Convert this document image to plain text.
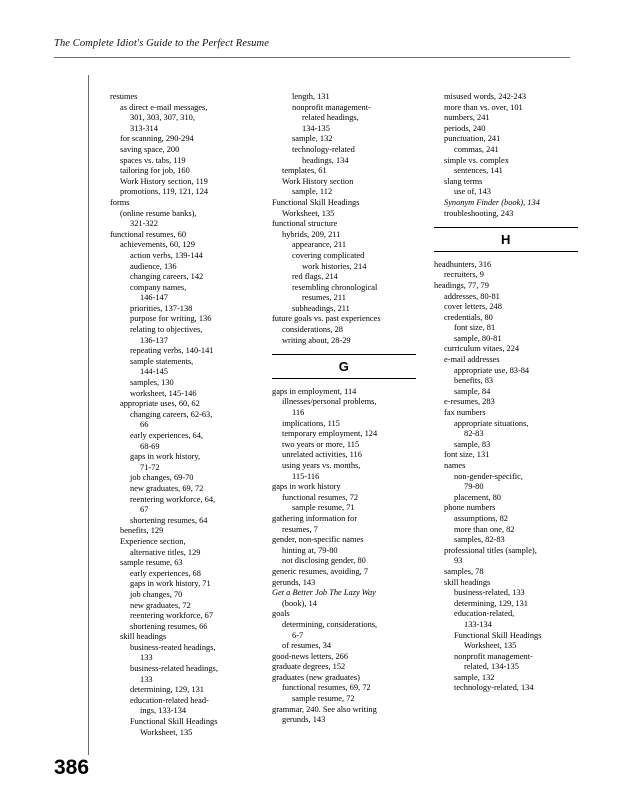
The Complete Idiot's Guide to the Perfect Resume
resumes
as direct e-mail messages,
301, 303, 307, 310,
313-314
for scanning, 290-294
saving space, 200
spaces vs. tabs, 119
tailoring for job, 160
Work History section, 119
promotions, 119, 121, 124
forms
(online resume banks),
321-322
functional resumes, 60
achievements, 60, 129
action verbs, 139-144
audience, 136
changing careers, 142
company names,
146-147
priorities, 137-138
purpose for writing, 136
relating to objectives,
136-137
repeating verbs, 140-141
sample statements,
144-145
samples, 130
worksheet, 145-146
appropriate uses, 60, 62
changing careers, 62-63,
66
early experiences, 64,
68-69
gaps in work history,
71-72
job changes, 69-70
new graduates, 69, 72
reentering workforce, 64,
67
shortening resumes, 64
benefits, 129
Experience section,
alternative titles, 129
sample resume, 63
early experiences, 68
gaps in work history, 71
job changes, 70
new graduates, 72
reentering workforce, 67
shortening resumes, 66
skill headings
business-reated headings,
133
business-related headings,
133
determining, 129, 131
education-related head-
ings, 133-134
Functional Skill Headings
Worksheet, 135
length, 131
nonprofit management-
related headings,
134-135
sample, 132
technology-related
headings, 134
templates, 61
Work History section
sample, 112
Functional Skill Headings
Worksheet, 135
functional structure
hybrids, 209, 211
appearance, 211
covering complicated
work histories, 214
red flags, 214
resembling chronological
resumes, 211
subheadings, 211
future goals vs. past experiences
considerations, 28
writing about, 28-29
G
gaps in employment, 114
illnesses/personal problems,
116
implications, 115
temporary employment, 124
two years or more, 115
unrelated activities, 116
using years vs. months,
115-116
gaps in work history
functional resumes, 72
sample resume, 71
gathering information for
resumes, 7
gender, non-specific names
hinting at, 79-80
not disclosing gender, 80
generic resumes, avoiding, 7
gerunds, 143
Get a Better Job The Lazy Way
(book), 14
goals
determining, considerations,
6-7
of resumes, 34
good-news letters, 266
graduate degrees, 152
graduates (new graduates)
functional resumes, 69, 72
sample resume, 72
grammar, 240. See also writing
gerunds, 143
misused words, 242-243
more than vs. over, 101
numbers, 241
periods, 240
punctuation, 241
commas, 241
simple vs. complex
sentences, 141
slang terms
use of, 143
Synonym Finder (book), 134
troubleshooting, 243
H
headhunters, 316
recruiters, 9
headings, 77, 79
addresses, 80-81
cover letters, 248
credentials, 80
font size, 81
sample, 80-81
curriculum vitaes, 224
e-mail addresses
appropriate use, 83-84
benefits, 83
sample, 84
e-resumes, 283
fax numbers
appropriate situations,
82-83
sample, 83
font size, 131
names
non-gender-specific,
79-80
placement, 80
phone numbers
assumptions, 82
more than one, 82
samples, 82-83
professional titles (sample),
93
samples, 78
skill headings
business-related, 133
determining, 129, 131
education-related,
133-134
Functional Skill Headings
Worksheet, 135
nonprofit management-
related, 134-135
sample, 132
technology-related, 134
386
